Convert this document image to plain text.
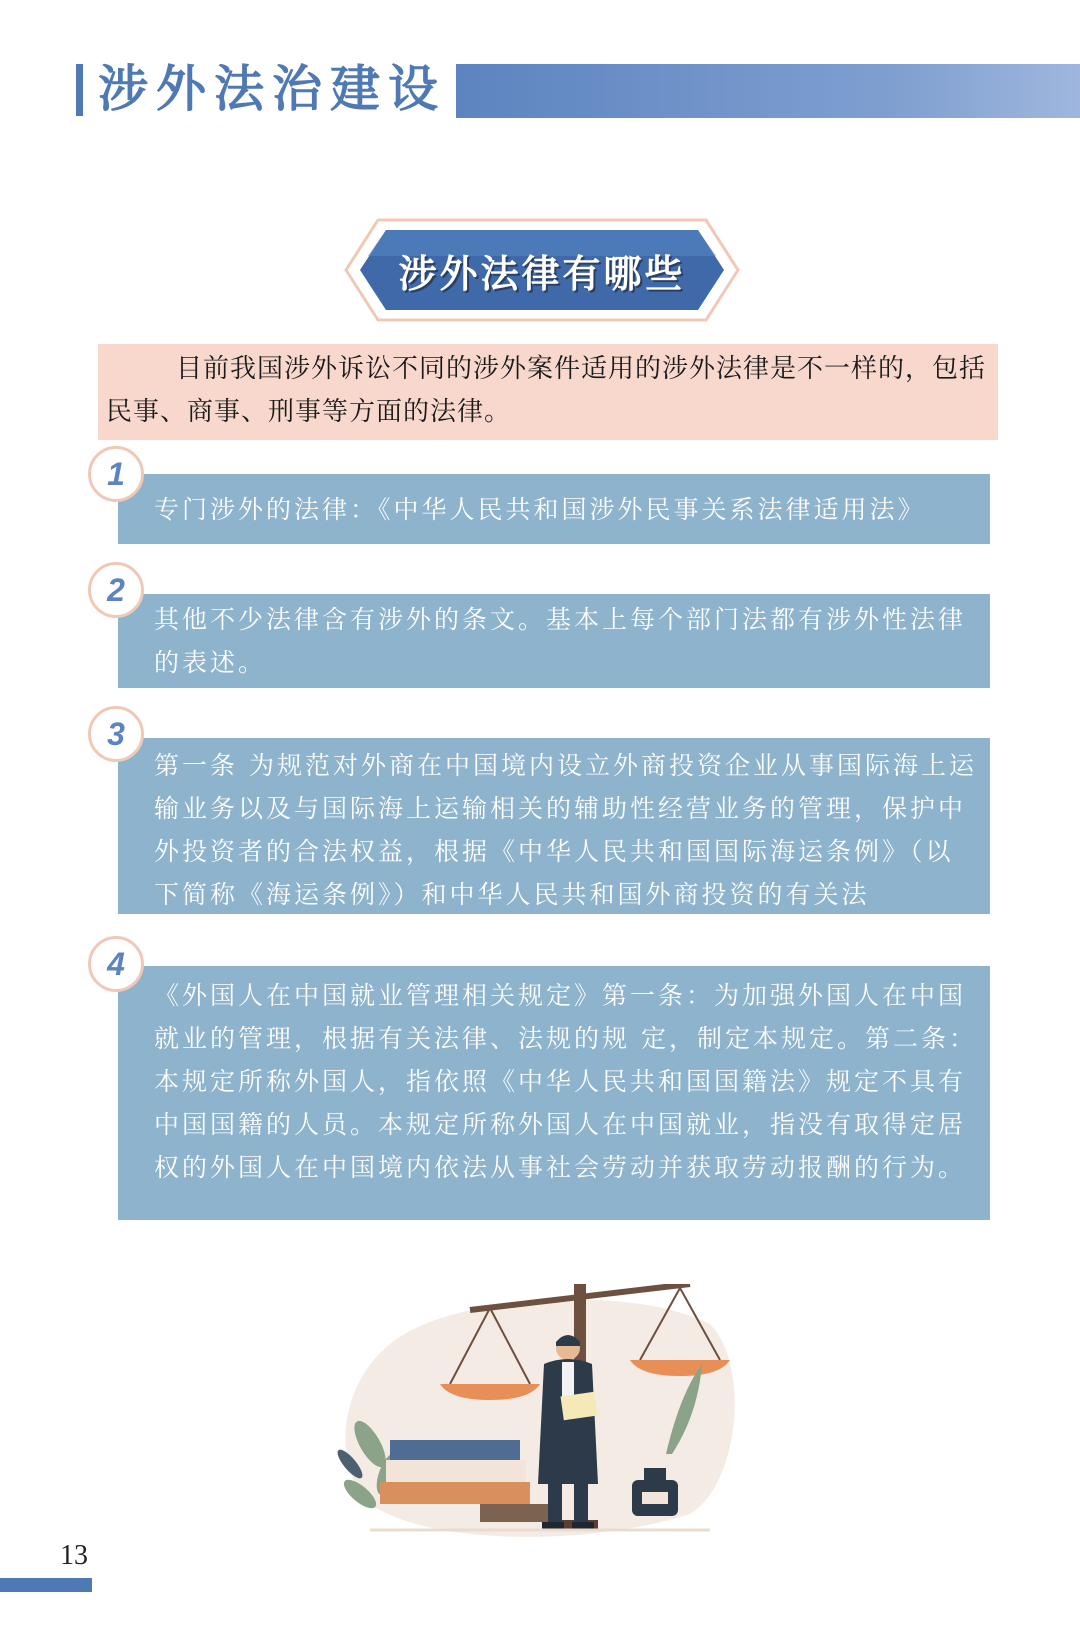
涉外法治建设
涉外法律有哪些
目前我国涉外诉讼不同的涉外案件适用的涉外法律是不一样的，包括民事、商事、刑事等方面的法律。
专门涉外的法律：《中华人民共和国涉外民事关系法律适用法》
1
其他不少法律含有涉外的条文。基本上每个部门法都有涉外性法律的表述。
2
第一条 为规范对外商在中国境内设立外商投资企业从事国际海上运输业务以及与国际海上运输相关的辅助性经营业务的管理，保护中外投资者的合法权益，根据《中华人民共和国国际海运条例》（以下简称《海运条例》）和中华人民共和国外商投资的有关法
3
《外国人在中国就业管理相关规定》第一条：为加强外国人在中国就业的管理，根据有关法律、法规的规 定，制定本规定。第二条：本规定所称外国人，指依照《中华人民共和国国籍法》规定不具有中国国籍的人员。本规定所称外国人在中国就业，指没有取得定居 权的外国人在中国境内依法从事社会劳动并获取劳动报酬的行为。
4
13
